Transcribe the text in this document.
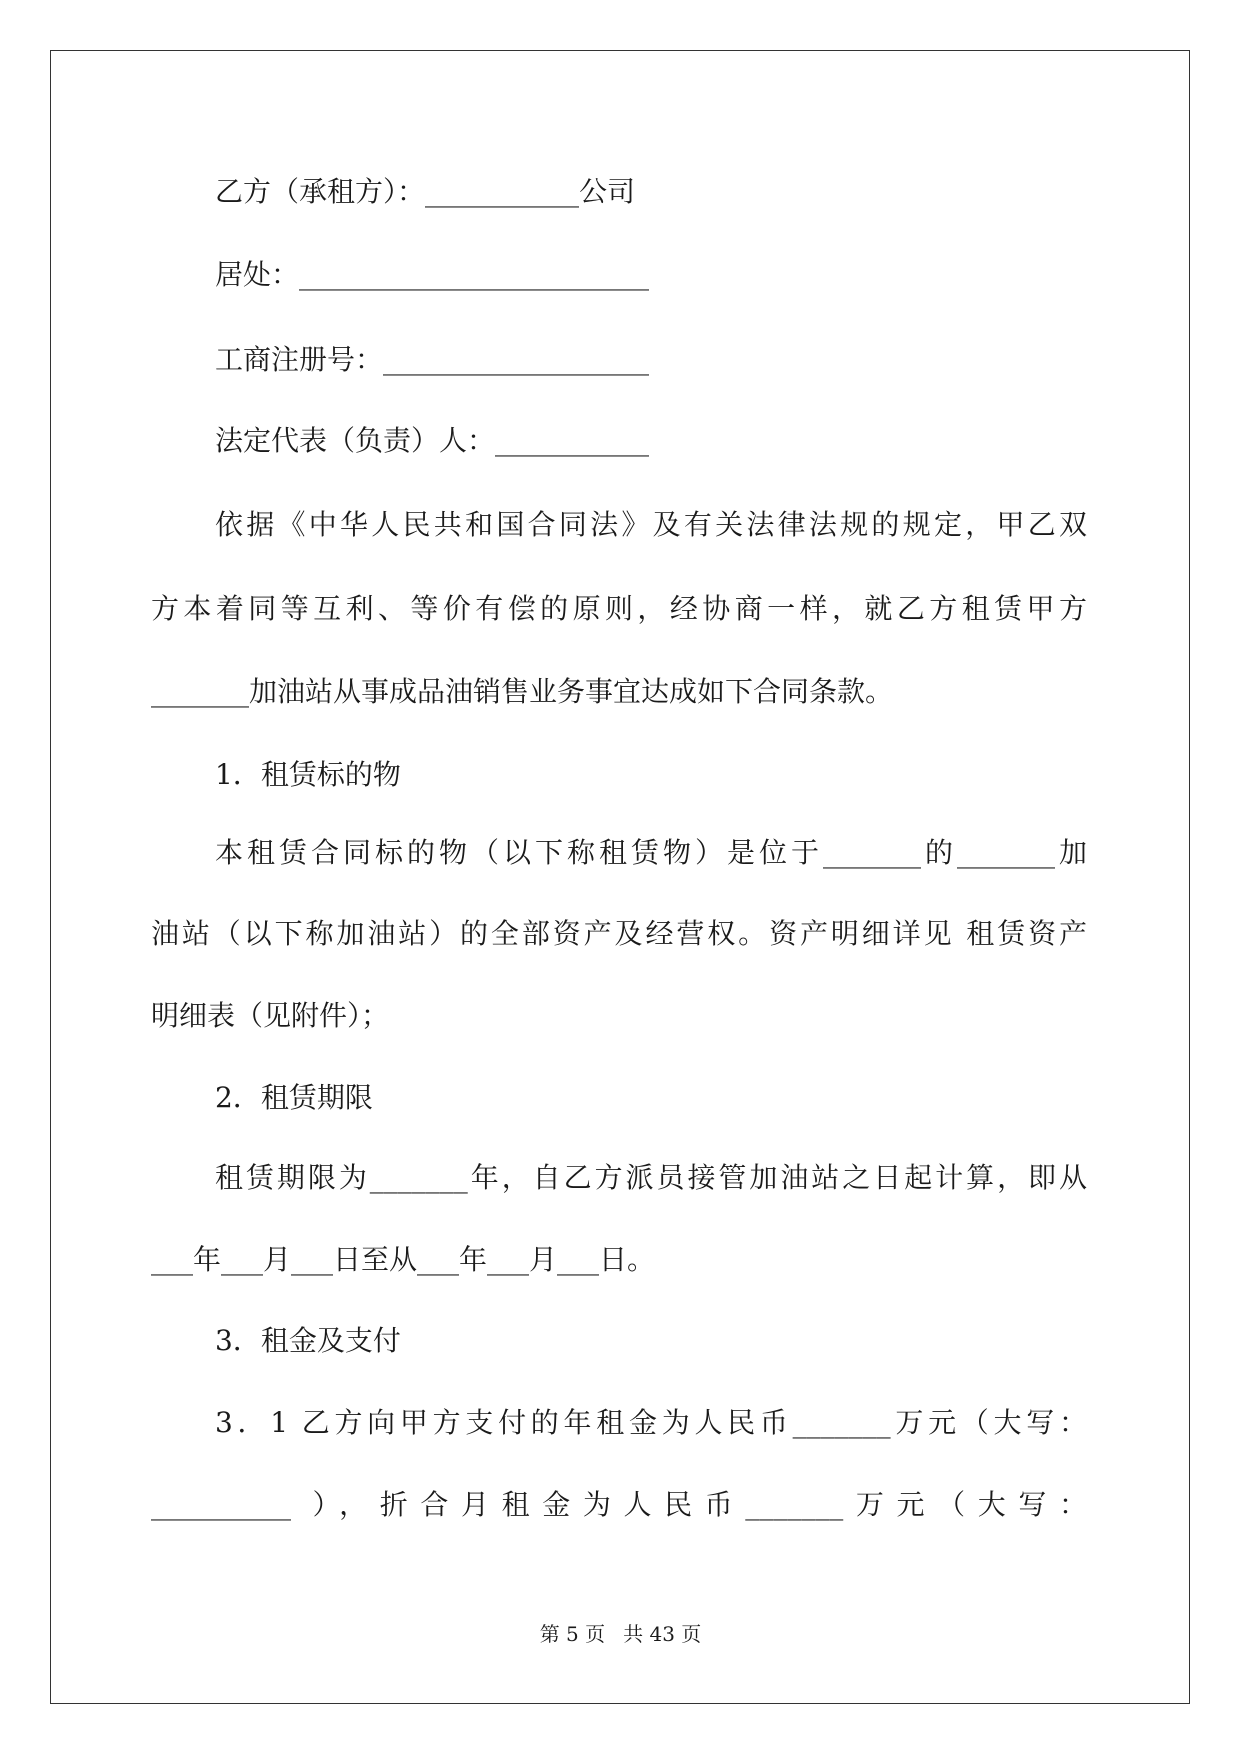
乙方（承租方）：___________公司
居处：_________________________
工商注册号：___________________
法定代表（负责）人：___________
依据《中华人民共和国合同法》及有关法律法规的规定，甲乙双
方本着同等互利、等价有偿的原则，经协商一样，就乙方租赁甲方
_______加油站从事成品油销售业务事宜达成如下合同条款。
1．租赁标的物
本租赁合同标的物（以下称租赁物）是位于_______的_______加
油站（以下称加油站）的全部资产及经营权。资产明细详见 租赁资产
明细表（见附件）；
2．租赁期限
租赁期限为_______年，自乙方派员接管加油站之日起计算，即从
___年___月___日至从___年___月___日。
3．租金及支付
3．1 乙方向甲方支付的年租金为人民币_______万元（大写：
__________ ），折合月租金为人民币_______万元（大写：
第 5 页 共 43 页
